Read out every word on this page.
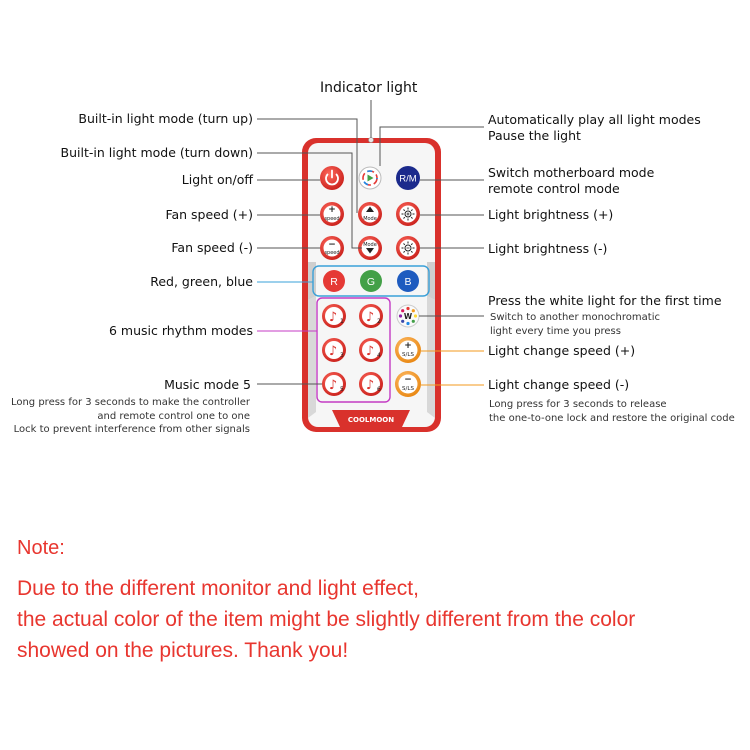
R/M
+
speed
−
speed
Mode
Mode
R	G	B
♪ 1 ♪ 2
♪ 3 ♪ 4
♪ 5 ♪ 6
W
+
S/LS
−
S/LS
COOLMOON
Indicator light
Built-in light mode (turn up)
Built-in light mode (turn down)
Light on/off
Fan speed (+)
Fan speed (-)
Red, green, blue
6 music rhythm modes
Music mode 5
Long press for 3 seconds to make the controller
and remote control one to one
Lock to prevent interference from other signals
Automatically play all light modes
Pause the light
Switch motherboard mode
remote control mode
Light brightness (+)
Light brightness (-)
Press the white light for the first time
Switch to another monochromatic
light every time you press
Light change speed (+)
Light change speed (-)
Long press for 3 seconds to release
the one-to-one lock and restore the original code
Note:
Due to the different monitor and light effect,
the actual color of the item might be slightly different from the color
showed on the pictures. Thank you!
